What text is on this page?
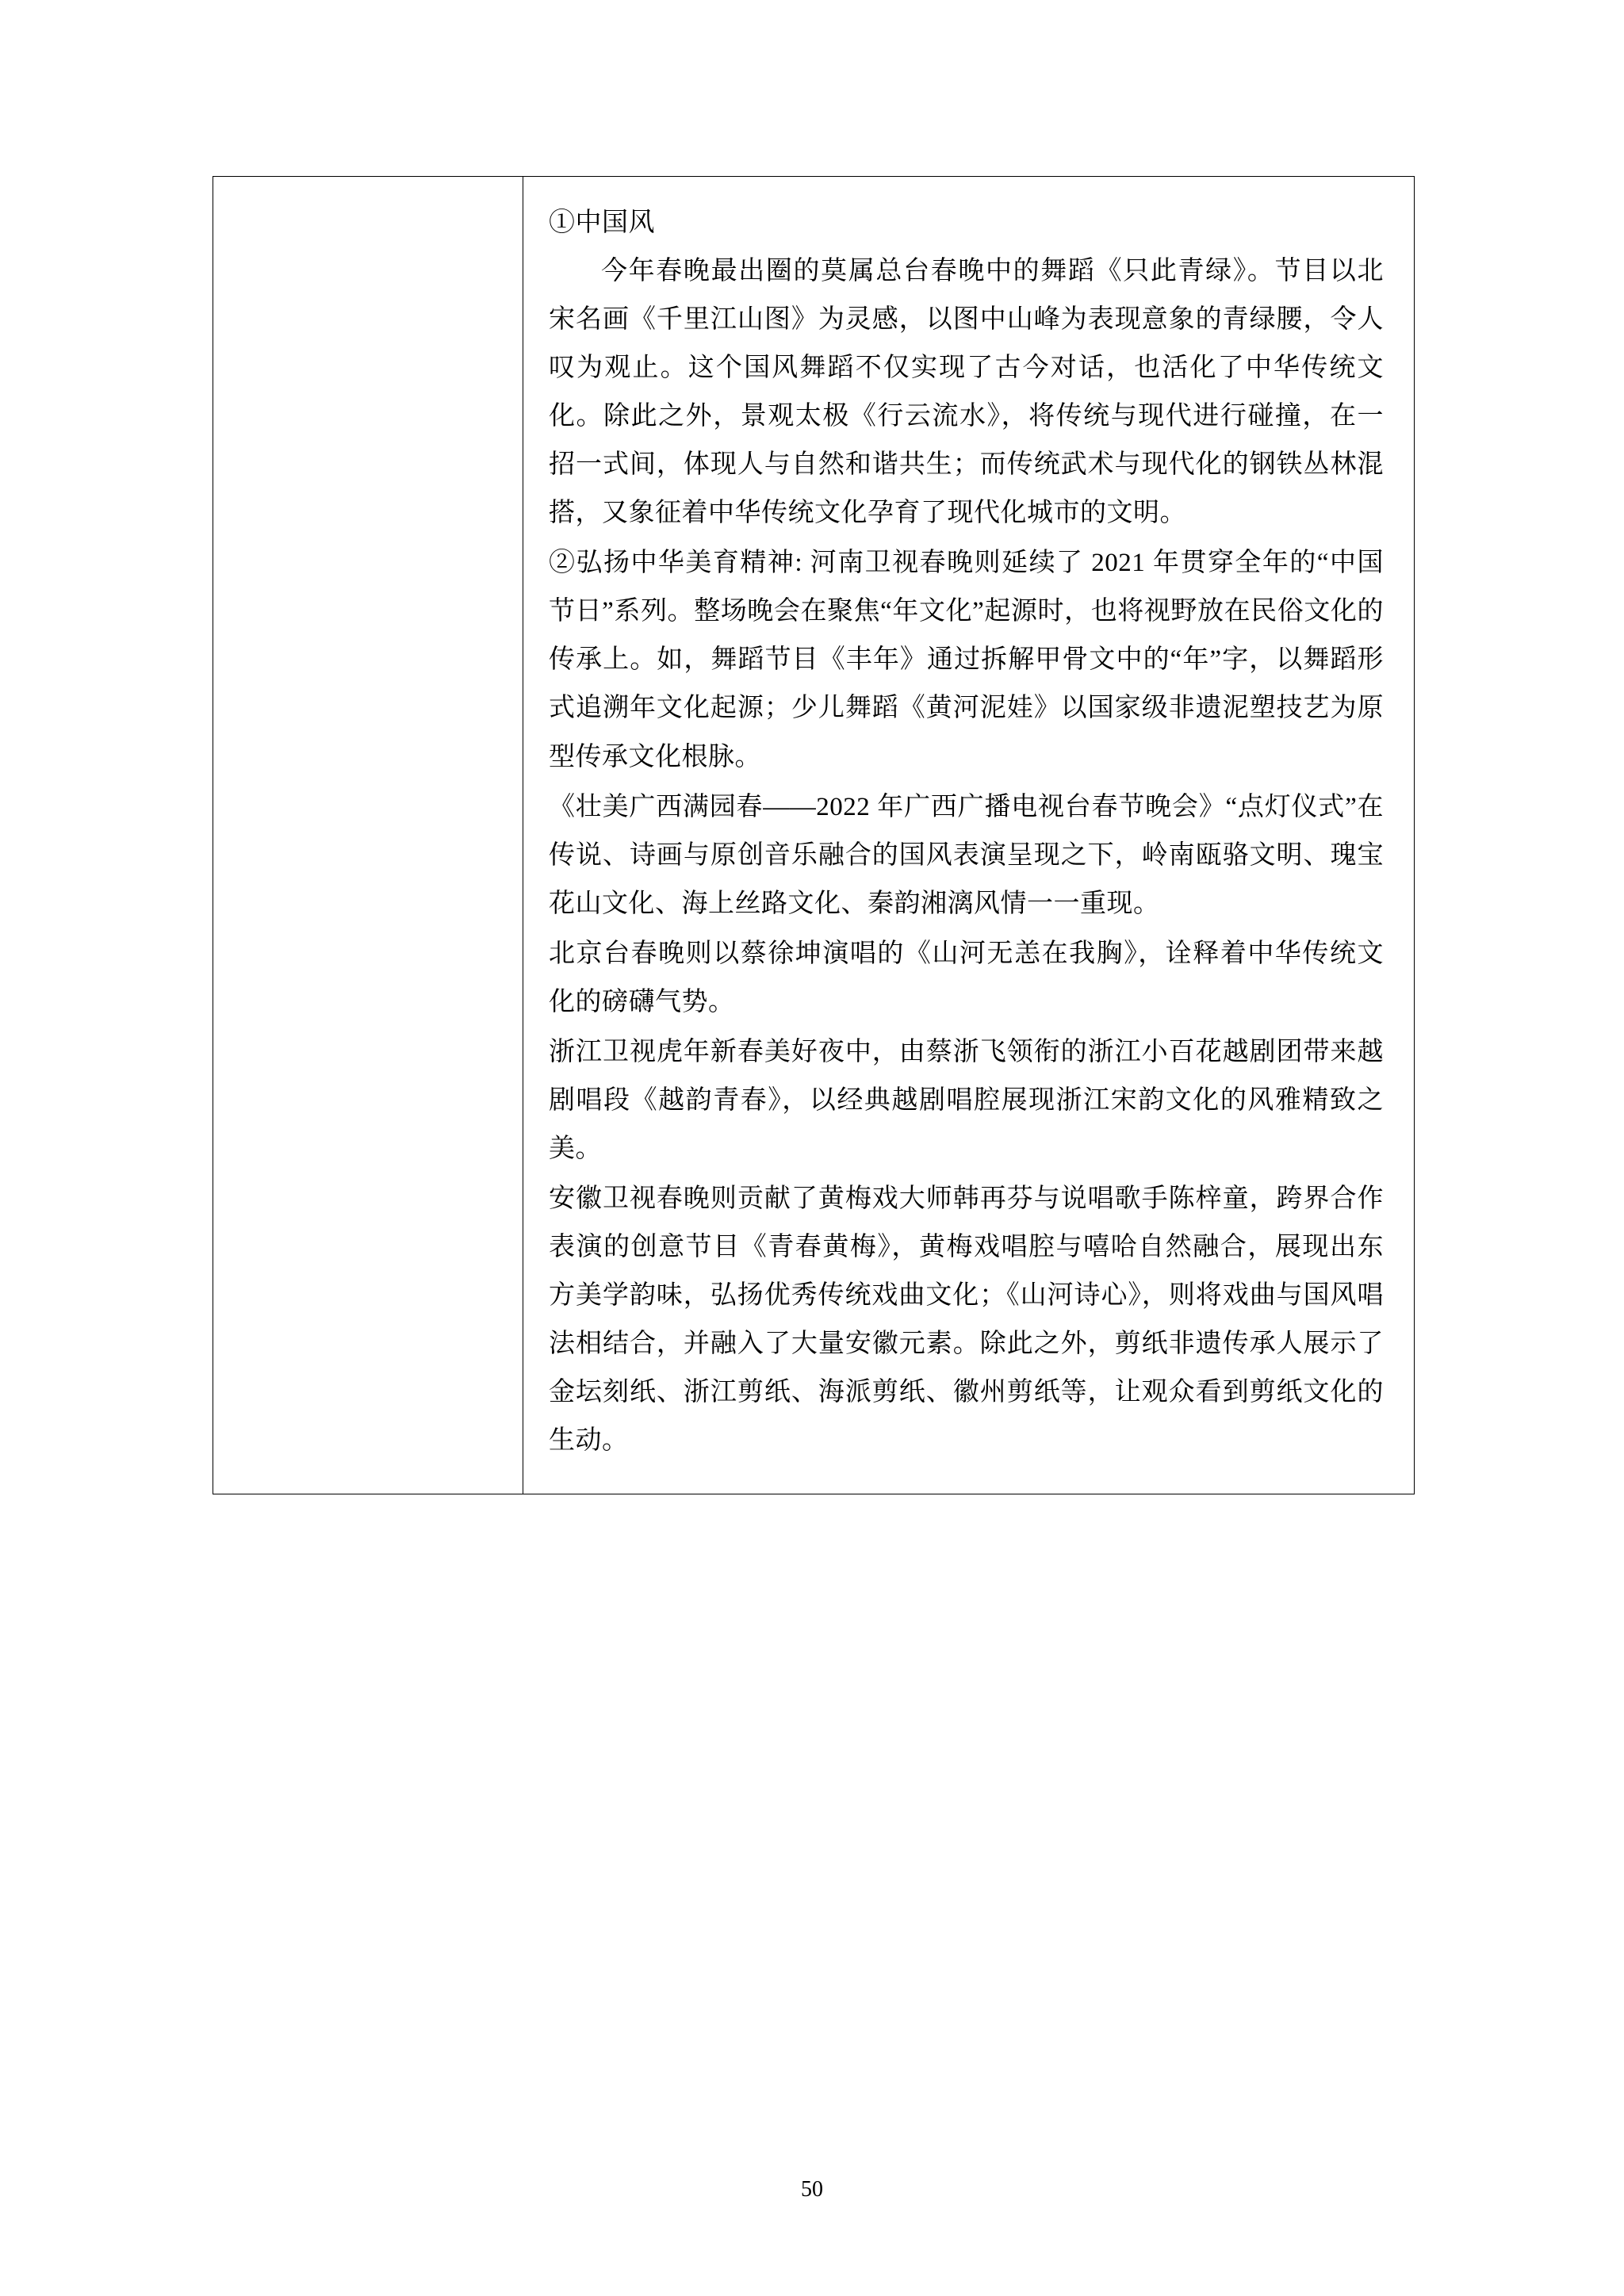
①中国风

今年春晚最出圈的莫属总台春晚中的舞蹈《只此青绿》。节目以北宋名画《千里江山图》为灵感，以图中山峰为表现意象的青绿腰，令人叹为观止。这个国风舞蹈不仅实现了古今对话，也活化了中华传统文化。除此之外，景观太极《行云流水》，将传统与现代进行碰撞，在一招一式间，体现人与自然和谐共生；而传统武术与现代化的钢铁丛林混搭，又象征着中华传统文化孕育了现代化城市的文明。

②弘扬中华美育精神: 河南卫视春晚则延续了 2021 年贯穿全年的“中国节日”系列。整场晚会在聚焦“年文化”起源时，也将视野放在民俗文化的传承上。如，舞蹈节目《丰年》通过拆解甲骨文中的“年”字，以舞蹈形式追溯年文化起源；少儿舞蹈《黄河泥娃》以国家级非遗泥塑技艺为原型传承文化根脉。

《壮美广西满园春——2022 年广西广播电视台春节晚会》“点灯仪式”在传说、诗画与原创音乐融合的国风表演呈现之下，岭南瓯骆文明、瑰宝花山文化、海上丝路文化、秦韵湘漓风情一一重现。

北京台春晚则以蔡徐坤演唱的《山河无恙在我胸》，诠释着中华传统文化的磅礴气势。

浙江卫视虎年新春美好夜中，由蔡浙飞领衔的浙江小百花越剧团带来越剧唱段《越韵青春》，以经典越剧唱腔展现浙江宋韵文化的风雅精致之美。

安徽卫视春晚则贡献了黄梅戏大师韩再芬与说唱歌手陈梓童，跨界合作表演的创意节目《青春黄梅》，黄梅戏唱腔与嘻哈自然融合，展现出东方美学韵味，弘扬优秀传统戏曲文化；《山河诗心》，则将戏曲与国风唱法相结合，并融入了大量安徽元素。除此之外，剪纸非遗传承人展示了金坛刻纸、浙江剪纸、海派剪纸、徽州剪纸等，让观众看到剪纸文化的生动。

50
